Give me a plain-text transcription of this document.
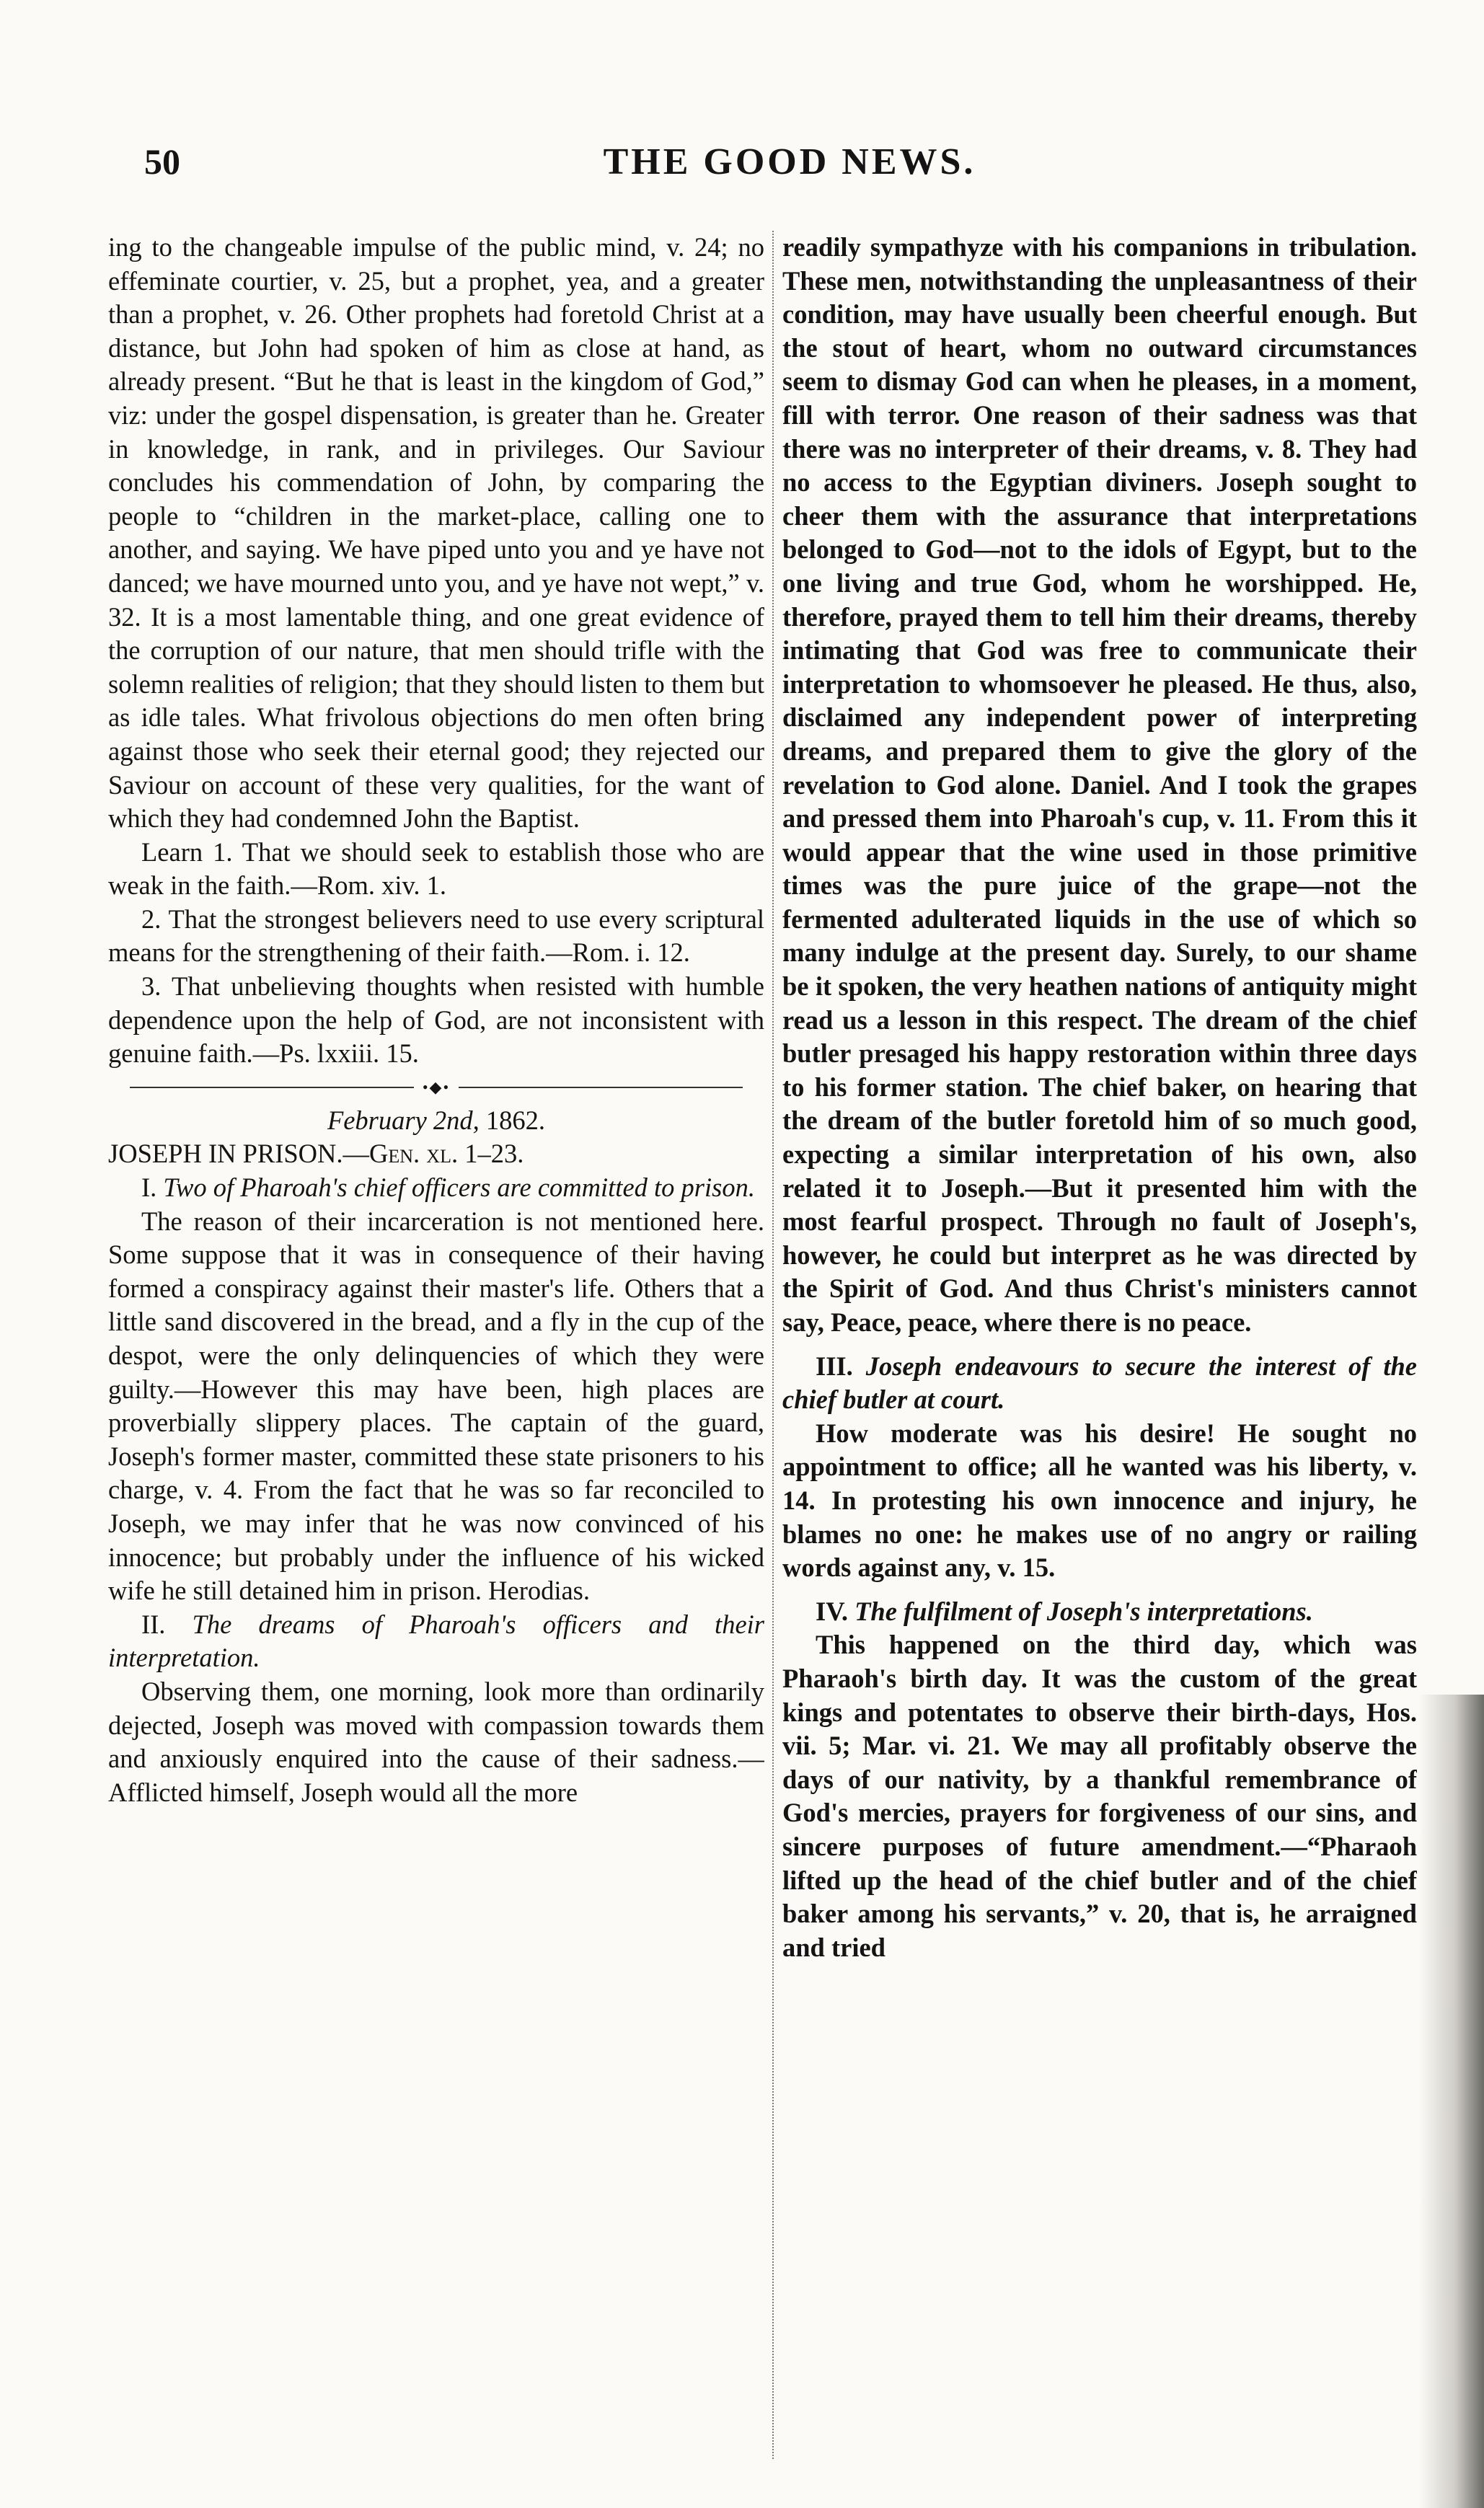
50	THE GOOD NEWS.

ing to the changeable impulse of the public mind, v. 24; no effeminate courtier, v. 25, but a prophet, yea, and a greater than a prophet, v. 26. Other prophets had foretold Christ at a distance, but John had spoken of him as close at hand, as already present. “But he that is least in the kingdom of God,” viz: under the gospel dispensation, is greater than he. Greater in knowledge, in rank, and in privileges. Our Saviour concludes his commendation of John, by comparing the people to “children in the market-place, calling one to another, and saying. We have piped unto you and ye have not danced; we have mourned unto you, and ye have not wept,” v. 32. It is a most lamentable thing, and one great evidence of the corruption of our nature, that men should trifle with the solemn realities of religion; that they should listen to them but as idle tales. What frivolous objections do men often bring against those who seek their eternal good; they rejected our Saviour on account of these very qualities, for the want of which they had condemned John the Baptist.

Learn 1. That we should seek to establish those who are weak in the faith.—Rom. xiv. 1.

2. That the strongest believers need to use every scriptural means for the strengthening of their faith.—Rom. i. 12.

3. That unbelieving thoughts when resisted with humble dependence upon the help of God, are not inconsistent with genuine faith.—Ps. lxxiii. 15.

•◆•

February 2nd, 1862.

JOSEPH IN PRISON.—Gen. xl. 1–23.

I. Two of Pharoah's chief officers are committed to prison.

The reason of their incarceration is not mentioned here. Some suppose that it was in consequence of their having formed a conspiracy against their master's life. Others that a little sand discovered in the bread, and a fly in the cup of the despot, were the only delinquencies of which they were guilty.—However this may have been, high places are proverbially slippery places. The captain of the guard, Joseph's former master, committed these state prisoners to his charge, v. 4. From the fact that he was so far reconciled to Joseph, we may infer that he was now convinced of his innocence; but probably under the influence of his wicked wife he still detained him in prison. Herodias.

II. The dreams of Pharoah's officers and their interpretation.

Observing them, one morning, look more than ordinarily dejected, Joseph was moved with compassion towards them and anxiously enquired into the cause of their sadness.—Afflicted himself, Joseph would all the more

readily sympathyze with his companions in tribulation. These men, notwithstanding the unpleasantness of their condition, may have usually been cheerful enough. But the stout of heart, whom no outward circumstances seem to dismay God can when he pleases, in a moment, fill with terror. One reason of their sadness was that there was no interpreter of their dreams, v. 8. They had no access to the Egyptian diviners. Joseph sought to cheer them with the assurance that interpretations belonged to God—not to the idols of Egypt, but to the one living and true God, whom he worshipped. He, therefore, prayed them to tell him their dreams, thereby intimating that God was free to communicate their interpretation to whomsoever he pleased. He thus, also, disclaimed any independent power of interpreting dreams, and prepared them to give the glory of the revelation to God alone. Daniel. And I took the grapes and pressed them into Pharoah's cup, v. 11. From this it would appear that the wine used in those primitive times was the pure juice of the grape—not the fermented adulterated liquids in the use of which so many indulge at the present day. Surely, to our shame be it spoken, the very heathen nations of antiquity might read us a lesson in this respect. The dream of the chief butler presaged his happy restoration within three days to his former station. The chief baker, on hearing that the dream of the butler foretold him of so much good, expecting a similar interpretation of his own, also related it to Joseph.—But it presented him with the most fearful prospect. Through no fault of Joseph's, however, he could but interpret as he was directed by the Spirit of God. And thus Christ's ministers cannot say, Peace, peace, where there is no peace.

III. Joseph endeavours to secure the interest of the chief butler at court.

How moderate was his desire! He sought no appointment to office; all he wanted was his liberty, v. 14. In protesting his own innocence and injury, he blames no one: he makes use of no angry or railing words against any, v. 15.

IV. The fulfilment of Joseph's interpretations.

This happened on the third day, which was Pharaoh's birth day. It was the custom of the great kings and potentates to observe their birth-days, Hos. vii. 5; Mar. vi. 21. We may all profitably observe the days of our nativity, by a thankful remembrance of God's mercies, prayers for forgiveness of our sins, and sincere purposes of future amendment.—“Pharaoh lifted up the head of the chief butler and of the chief baker among his servants,” v. 20, that is, he arraigned and tried
